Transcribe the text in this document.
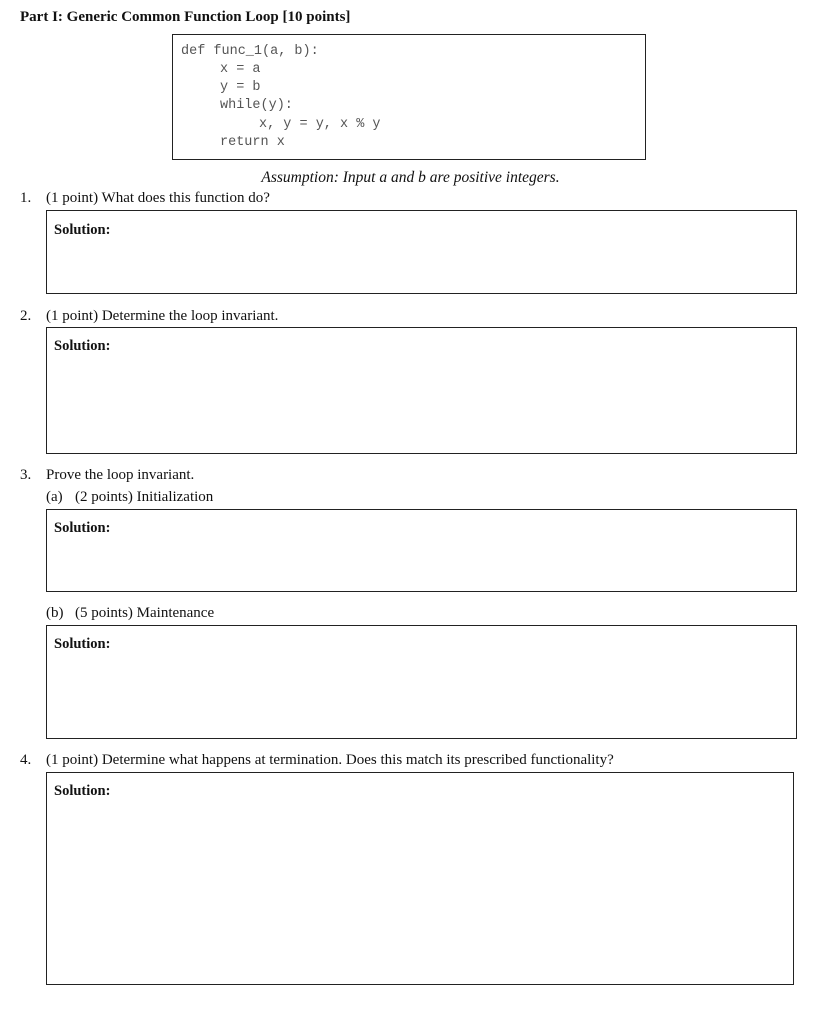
Part I: Generic Common Function Loop [10 points]
def func_1(a, b):
x = a
y = b
while(y):
x, y = y, x % y
return x
Assumption: Input a and b are positive integers.
1. (1 point) What does this function do?
Solution:
2. (1 point) Determine the loop invariant.
Solution:
3. Prove the loop invariant.
(a) (2 points) Initialization
Solution:
(b) (5 points) Maintenance
Solution:
4. (1 point) Determine what happens at termination. Does this match its prescribed functionality?
Solution:
